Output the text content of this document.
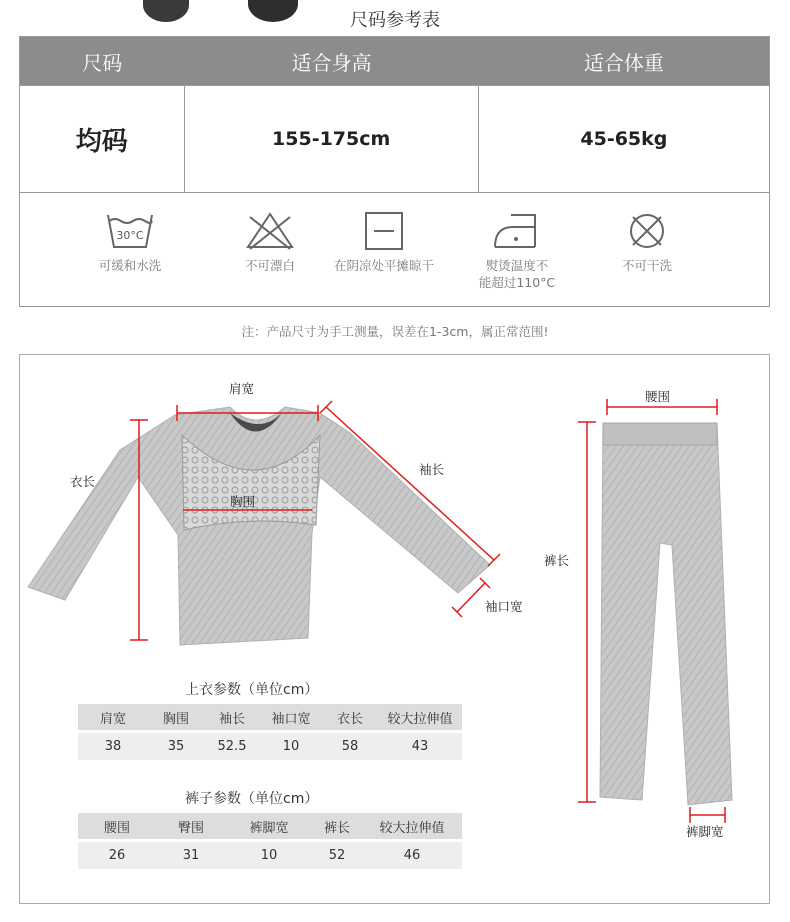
尺码参考表
尺码	适合身高	适合体重
均码	155-175cm	45-65kg
30°C
可缓和水洗	不可漂白	在阴凉处平摊晾干	熨烫温度不
能超过110°C
不可干洗
注：产品尺寸为手工测量，误差在1-3cm，属正常范围!
肩宽
衣长
胸围
袖长
袖口宽
腰围
裤长
裤脚宽
上衣参数（单位cm）
肩宽	胸围	袖长	袖口宽	衣长	较大拉伸值
38	35	52.5	10	58	43
裤子参数（单位cm）
腰围	臀围	裤脚宽	裤长	较大拉伸值
26	31	10	52	46
